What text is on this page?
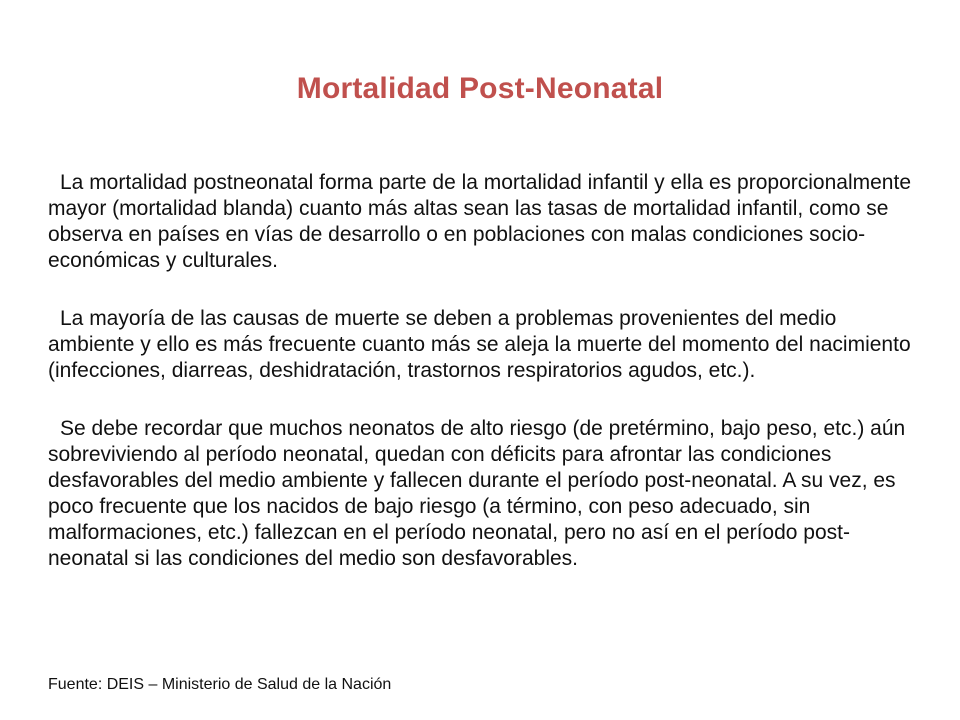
Mortalidad Post-Neonatal

La mortalidad postneonatal forma parte de la mortalidad infantil y ella es proporcionalmente mayor (mortalidad blanda) cuanto más altas sean las tasas de mortalidad infantil, como se observa en países en vías de desarrollo o en poblaciones con malas condiciones socio-económicas y culturales.

La mayoría de las causas de muerte se deben a problemas provenientes del medio ambiente y ello es más frecuente cuanto más se aleja la muerte del momento del nacimiento (infecciones, diarreas, deshidratación, trastornos respiratorios agudos, etc.).

Se debe recordar que muchos neonatos de alto riesgo (de pretérmino, bajo peso, etc.) aún sobreviviendo al período neonatal, quedan con déficits para afrontar las condiciones desfavorables del medio ambiente y fallecen durante el período post-neonatal. A su vez, es poco frecuente que los nacidos de bajo riesgo (a término, con peso adecuado, sin malformaciones, etc.) fallezcan en el período neonatal, pero no así en el período post-neonatal si las condiciones del medio son desfavorables.

Fuente: DEIS – Ministerio de Salud de la Nación
